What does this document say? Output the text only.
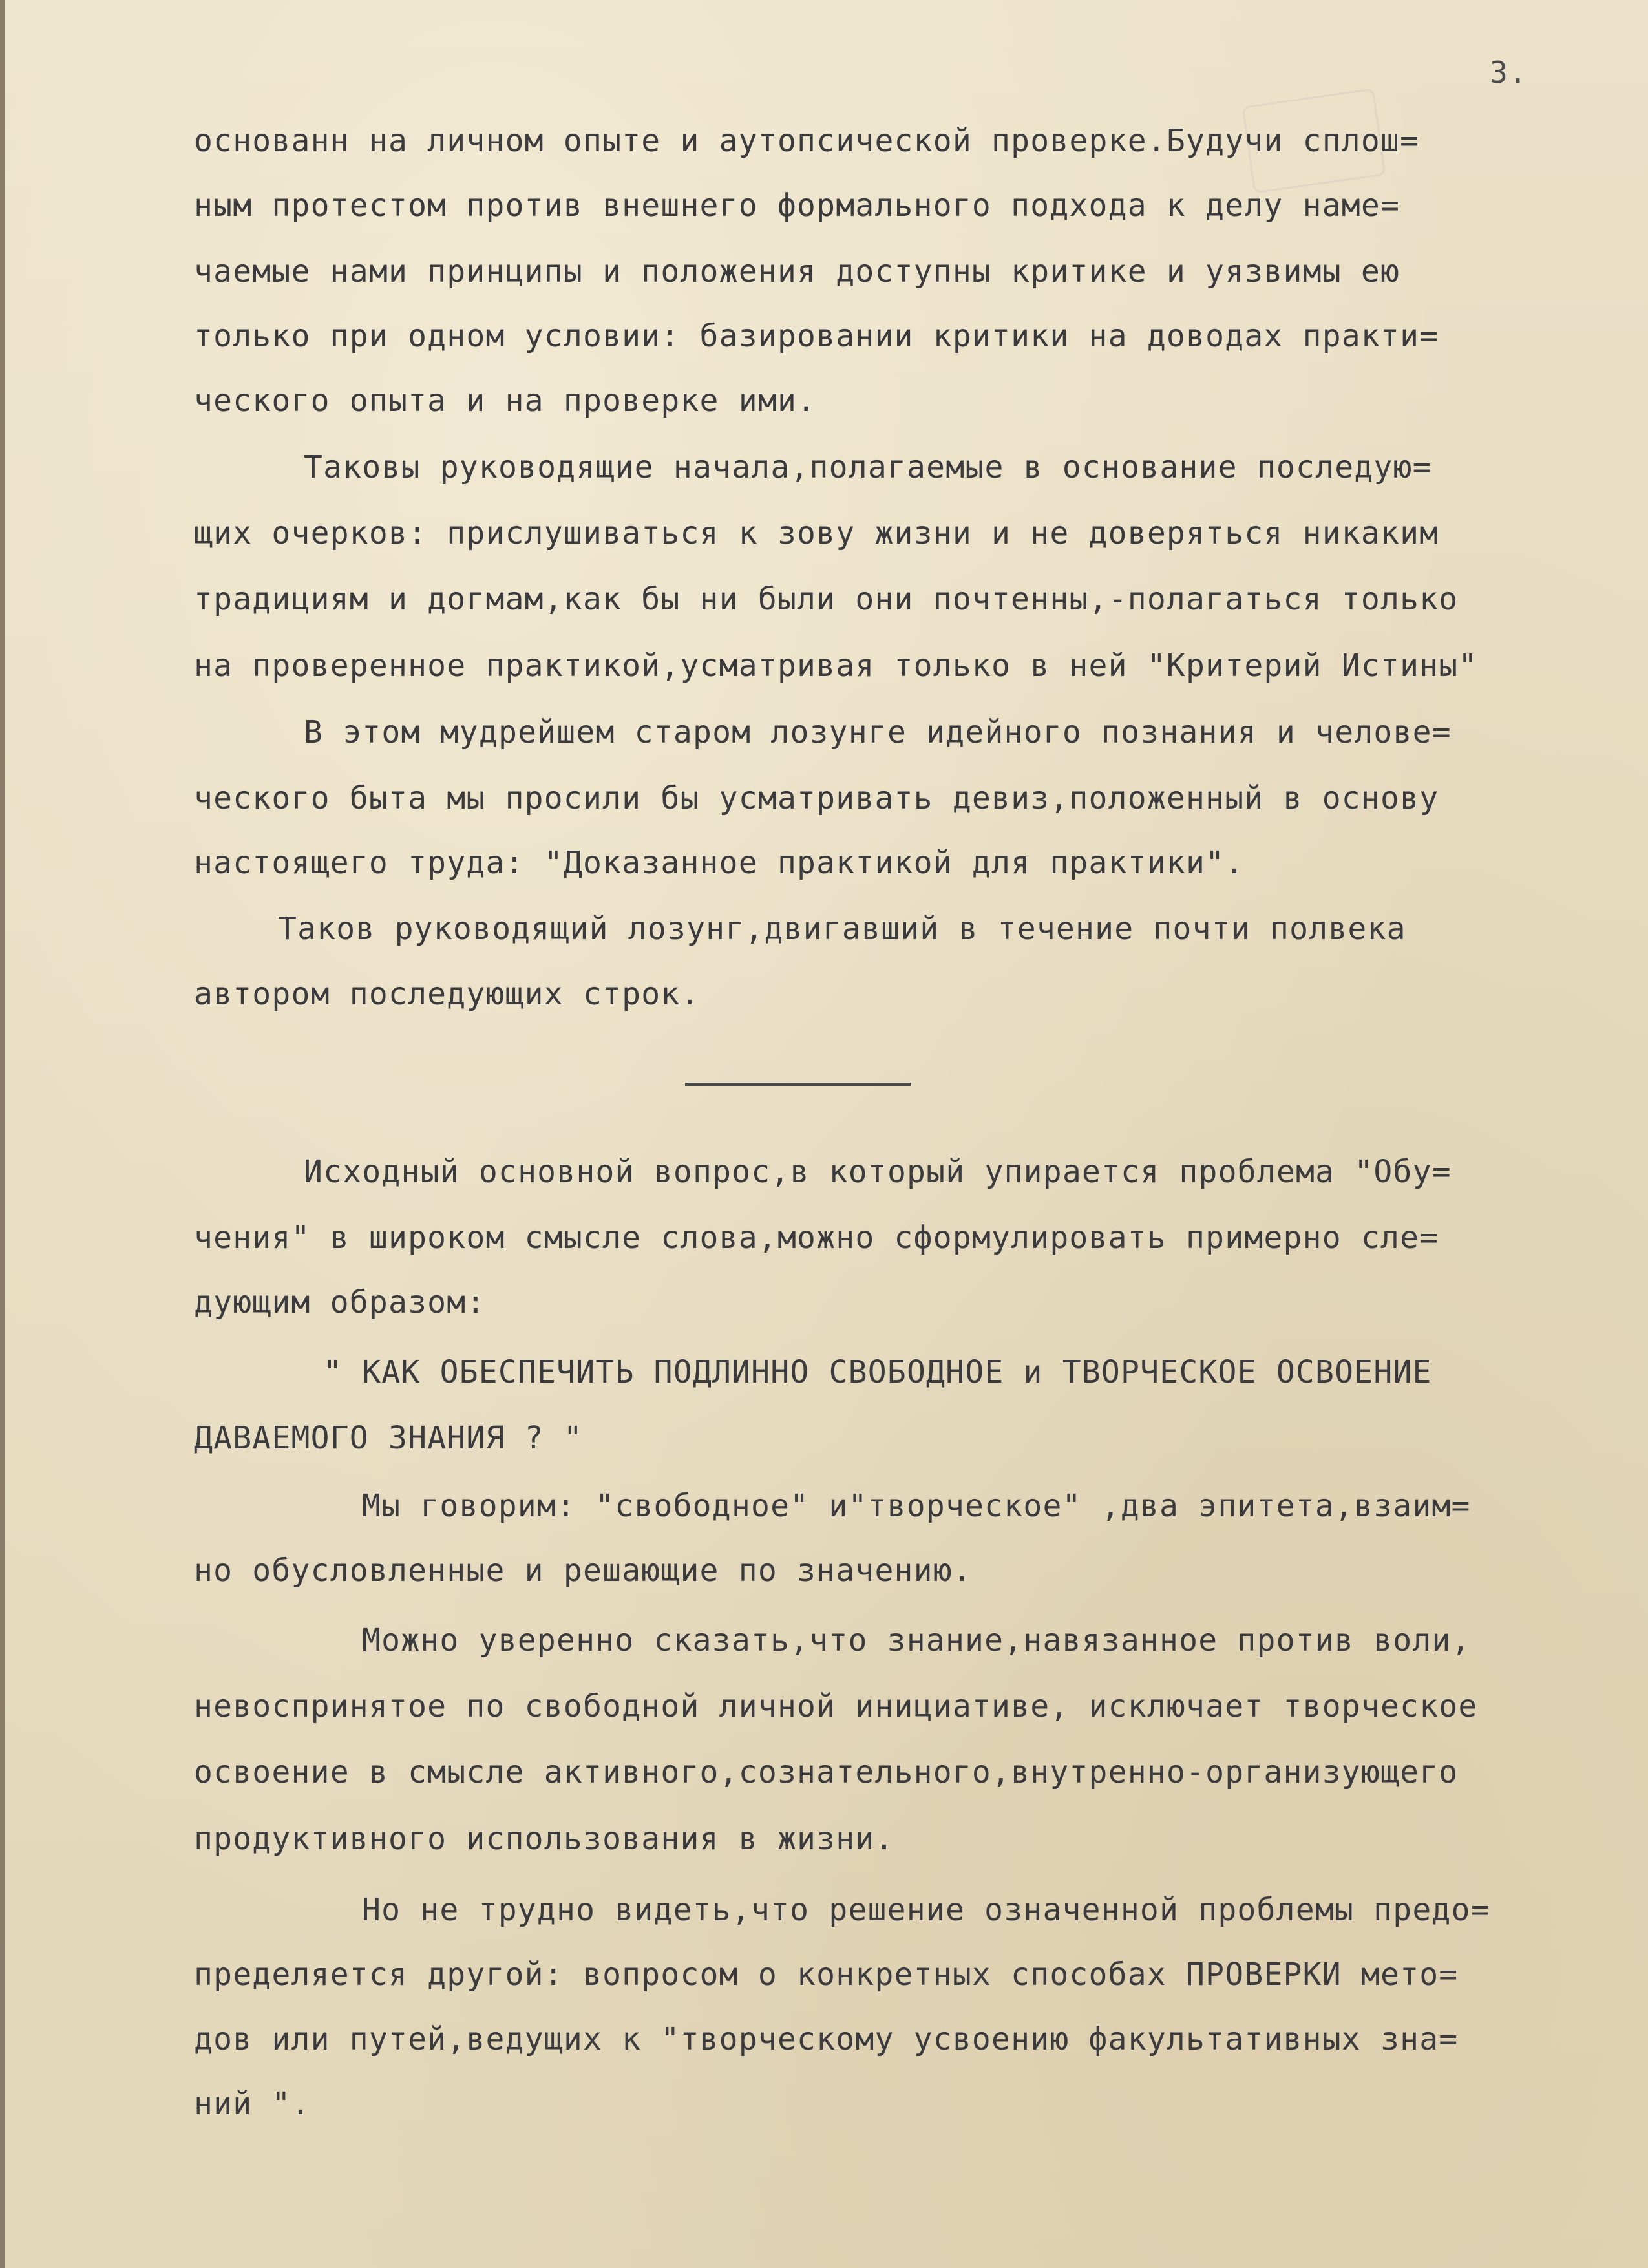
3.
основанн на личном опыте и аутопсической проверке.Будучи сплош=
ным протестом против внешнего формального подхода к делу наме=
чаемые нами принципы и положения доступны критике и уязвимы ею
только при одном условии: базировании критики на доводах практи=
ческого опыта и на проверке ими.
Таковы руководящие начала,полагаемые в основание последую=
щих очерков: прислушиваться к зову жизни и не доверяться никаким
традициям и догмам,как бы ни были они почтенны,-полагаться только
на проверенное практикой,усматривая только в ней "Критерий Истины"
В этом мудрейшем старом лозунге идейного познания и челове=
ческого быта мы просили бы усматривать девиз,положенный в основу
настоящего труда: "Доказанное практикой для практики".
Таков руководящий лозунг,двигавший в течение почти полвека
автором последующих строк.
Исходный основной вопрос,в который упирается проблема "Обу=
чения" в широком смысле слова,можно сформулировать примерно сле=
дующим образом:
" КАК ОБЕСПЕЧИТЬ ПОДЛИННО СВОБОДНОЕ и ТВОРЧЕСКОЕ ОСВОЕНИЕ
ДАВАЕМОГО ЗНАНИЯ ? "
Мы говорим: "свободное" и"творческое" ,два эпитета,взаим=
но обусловленные и решающие по значению.
Можно уверенно сказать,что знание,навязанное против воли,
невоспринятое по свободной личной инициативе, исключает творческое
освоение в смысле активного,сознательного,внутренно-организующего
продуктивного использования в жизни.
Но не трудно видеть,что решение означенной проблемы предо=
пределяется другой: вопросом о конкретных способах ПРОВЕРКИ мето=
дов или путей,ведущих к "творческому усвоению факультативных зна=
ний ".
